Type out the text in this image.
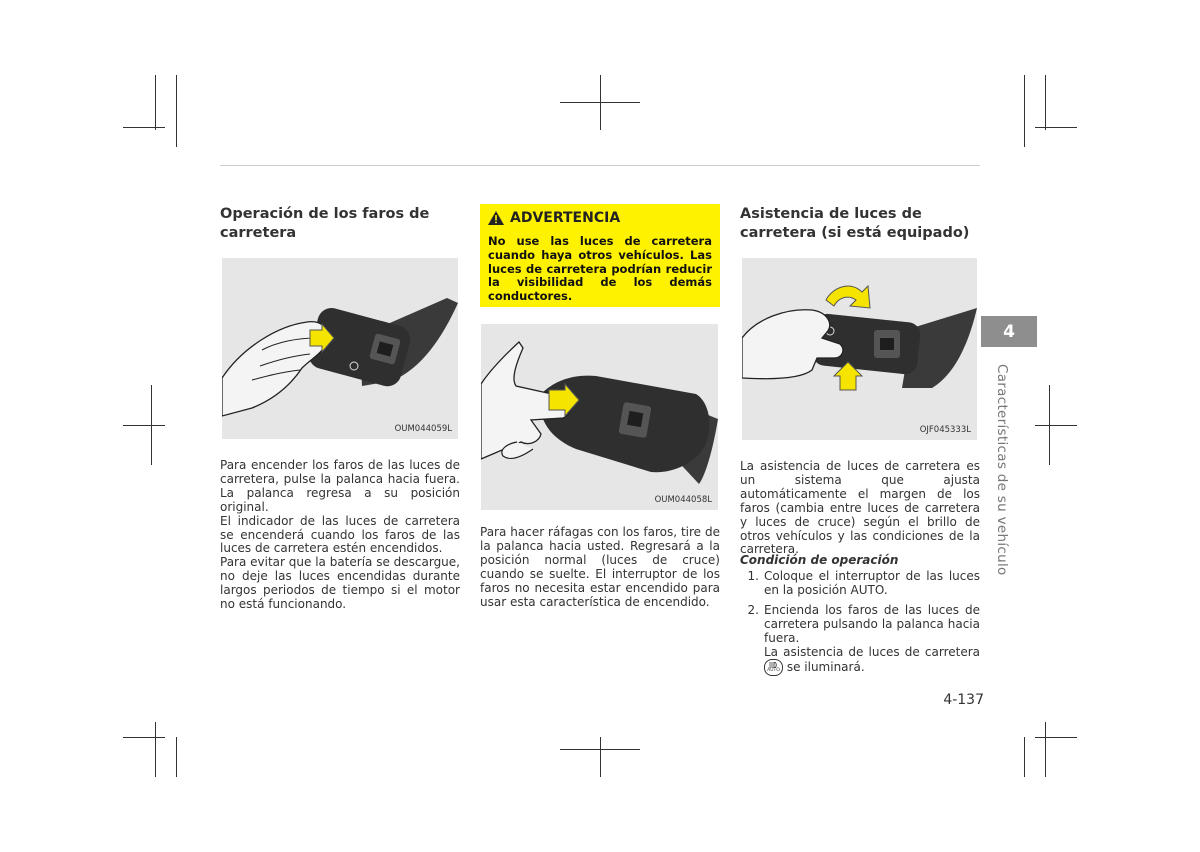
Operación de los faros de carretera
OUM044059L

Para encender los faros de las luces de carretera, pulse la palanca hacia fuera. La palanca regresa a su posición original.

El indicador de las luces de carretera se encenderá cuando los faros de las luces de carretera estén encendidos.

Para evitar que la batería se descargue, no deje las luces encendidas durante largos periodos de tiempo si el motor no está funcionando.

ADVERTENCIA

No use las luces de carretera cuando haya otros vehículos. Las luces de carretera podrían reducir la visibilidad de los demás conductores.

OUM044058L
Para hacer ráfagas con los faros, tire de la palanca hacia usted. Regresará a la posición normal (luces de cruce) cuando se suelte. El interruptor de los faros no necesita estar encendido para usar esta característica de encendido.
Asistencia de luces de carretera (si está equipado)
OJF045333L
La asistencia de luces de carretera es un sistema que ajusta automáticamente el margen de los faros (cambia entre luces de carretera y luces de cruce) según el brillo de otros vehículos y las condiciones de la carretera.

Condición de operación

1. Coloque el interruptor de las luces en la posición AUTO.
2. Encienda los faros de las luces de carretera pulsando la palanca hacia fuera.
La asistencia de luces de carretera
AUTO se iluminará.
4
Características de su vehículo
4-137
